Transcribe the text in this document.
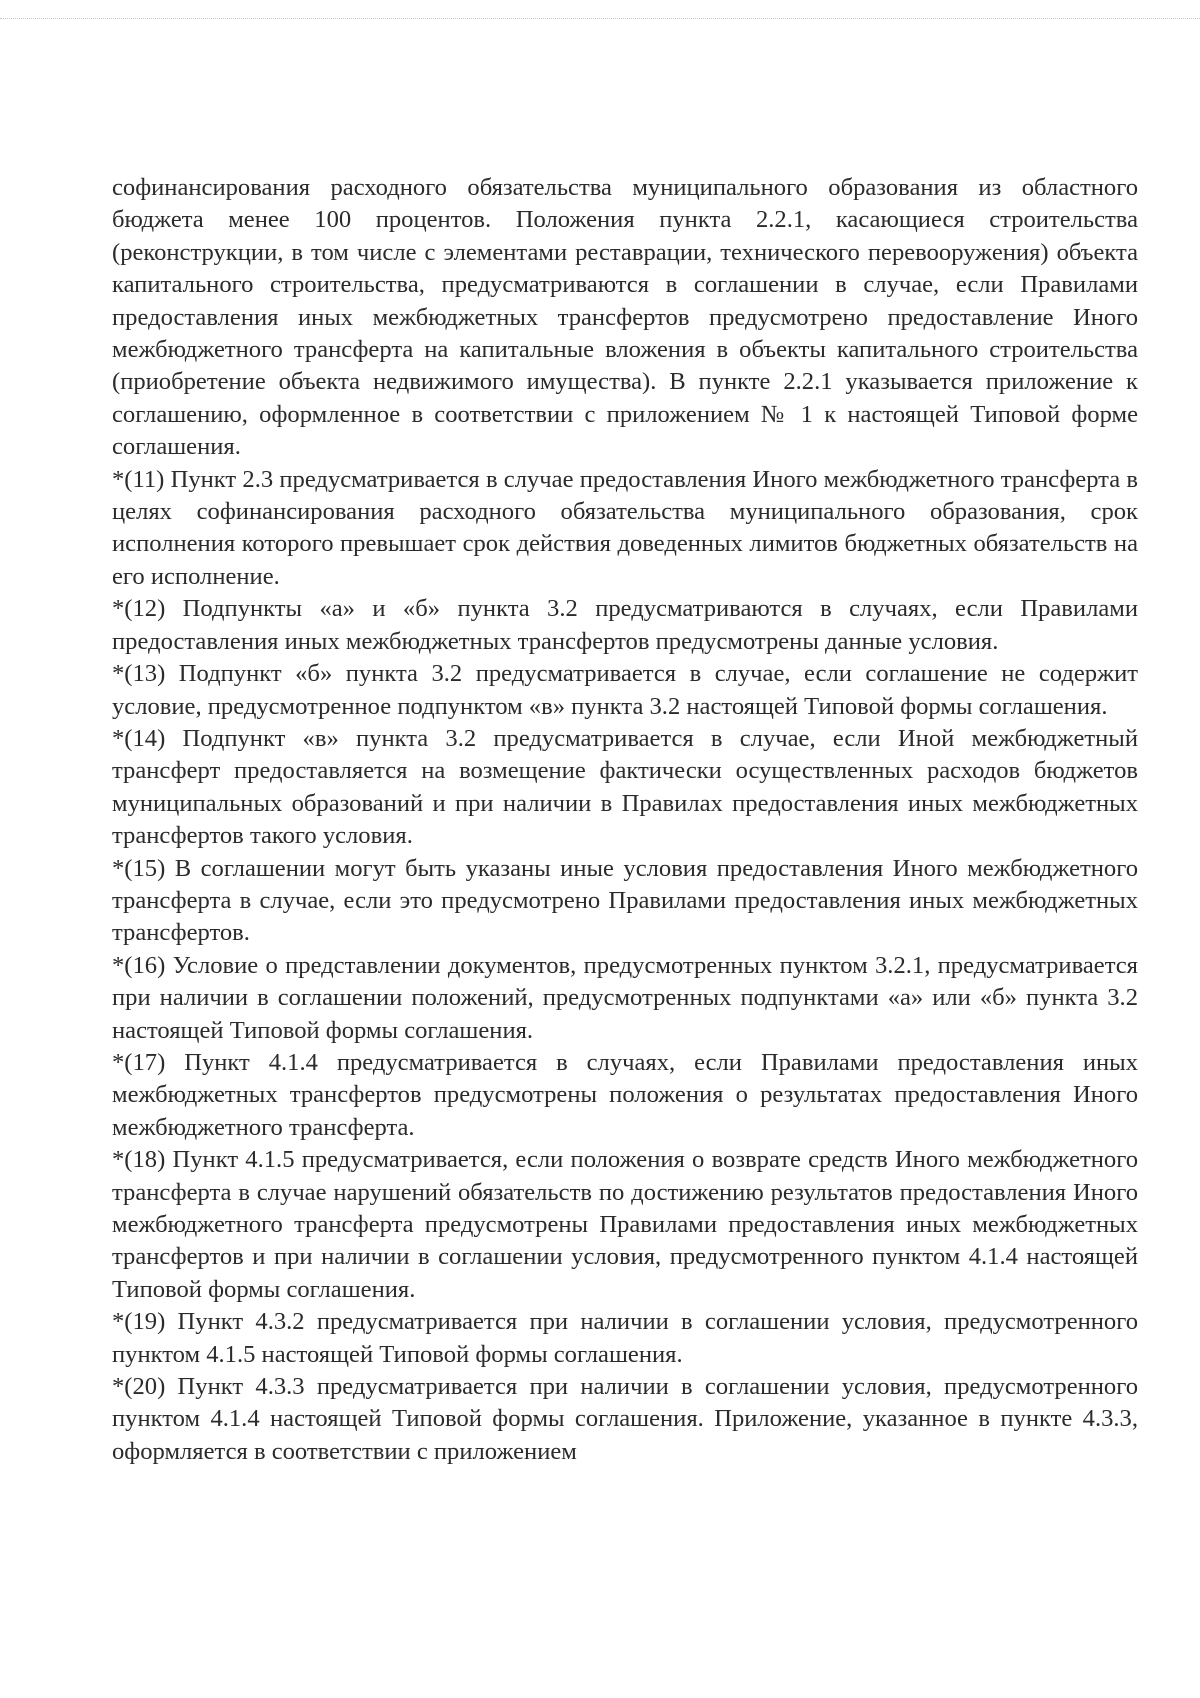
софинансирования расходного обязательства муниципального образования из областного бюджета менее 100 процентов. Положения пункта 2.2.1, касающиеся строительства (реконструкции, в том числе с элементами реставрации, технического перевооружения) объекта капитального строительства, предусматриваются в соглашении в случае, если Правилами предоставления иных межбюджетных трансфертов предусмотрено предоставление Иного межбюджетного трансферта на капитальные вложения в объекты капитального строительства (приобретение объекта недвижимого имущества). В пункте 2.2.1 указывается приложение к соглашению, оформленное в соответствии с приложением № 1 к настоящей Типовой форме соглашения.

*(11) Пункт 2.3 предусматривается в случае предоставления Иного межбюджетного трансферта в целях софинансирования расходного обязательства муниципального образования, срок исполнения которого превышает срок действия доведенных лимитов бюджетных обязательств на его исполнение.

*(12) Подпункты «а» и «б» пункта 3.2 предусматриваются в случаях, если Правилами предоставления иных межбюджетных трансфертов предусмотрены данные условия.

*(13) Подпункт «б» пункта 3.2 предусматривается в случае, если соглашение не содержит условие, предусмотренное подпунктом «в» пункта 3.2 настоящей Типовой формы соглашения.

*(14) Подпункт «в» пункта 3.2 предусматривается в случае, если Иной межбюджетный трансферт предоставляется на возмещение фактически осуществленных расходов бюджетов муниципальных образований и при наличии в Правилах предоставления иных межбюджетных трансфертов такого условия.

*(15) В соглашении могут быть указаны иные условия предоставления Иного межбюджетного трансферта в случае, если это предусмотрено Правилами предоставления иных межбюджетных трансфертов.

*(16) Условие о представлении документов, предусмотренных пунктом 3.2.1, предусматривается при наличии в соглашении положений, предусмотренных подпунктами «а» или «б» пункта 3.2 настоящей Типовой формы соглашения.

*(17) Пункт 4.1.4 предусматривается в случаях, если Правилами предоставления иных межбюджетных трансфертов предусмотрены положения о результатах предоставления Иного межбюджетного трансферта.

*(18) Пункт 4.1.5 предусматривается, если положения о возврате средств Иного межбюджетного трансферта в случае нарушений обязательств по достижению результатов предоставления Иного межбюджетного трансферта предусмотрены Правилами предоставления иных межбюджетных трансфертов и при наличии в соглашении условия, предусмотренного пунктом 4.1.4 настоящей Типовой формы соглашения.

*(19) Пункт 4.3.2 предусматривается при наличии в соглашении условия, предусмотренного пунктом 4.1.5 настоящей Типовой формы соглашения.

*(20) Пункт 4.3.3 предусматривается при наличии в соглашении условия, предусмотренного пунктом 4.1.4 настоящей Типовой формы соглашения. Приложение, указанное в пункте 4.3.3, оформляется в соответствии с приложением
